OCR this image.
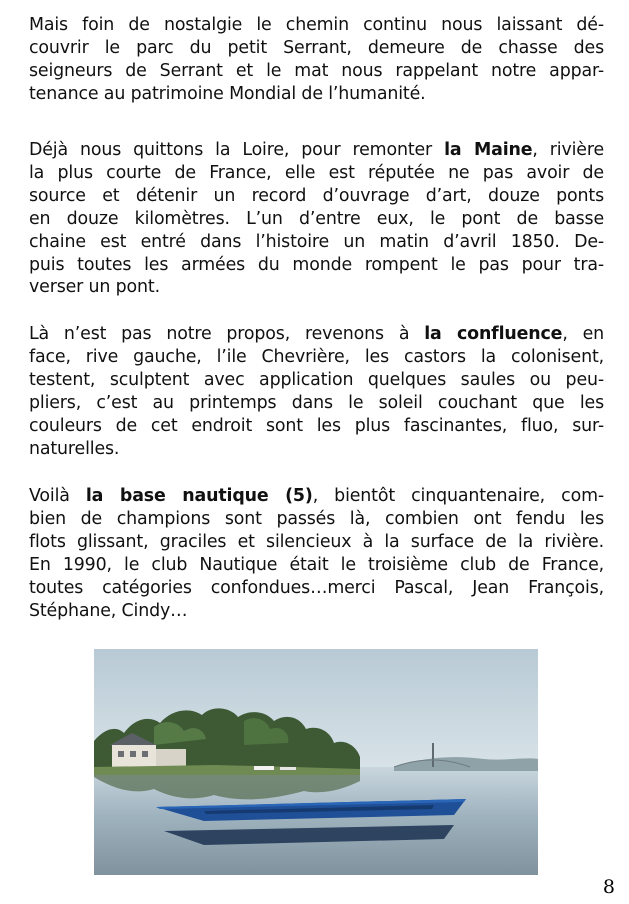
Mais foin de nostalgie le chemin continu nous laissant dé-
couvrir le parc du petit Serrant, demeure de chasse des
seigneurs de Serrant et le mat nous rappelant notre appar-
tenance au patrimoine Mondial de l’humanité.

Déjà nous quittons la Loire, pour remonter la Maine, rivière
la plus courte de France, elle est réputée ne pas avoir de
source et détenir un record d’ouvrage d’art, douze ponts
en douze kilomètres. L’un d’entre eux, le pont de basse
chaine est entré dans l’histoire un matin d’avril 1850. De-
puis toutes les armées du monde rompent le pas pour tra-
verser un pont.

Là n’est pas notre propos, revenons à la confluence, en
face, rive gauche, l’ile Chevrière, les castors la colonisent,
testent, sculptent avec application quelques saules ou peu-
pliers, c’est au printemps dans le soleil couchant que les
couleurs de cet endroit sont les plus fascinantes, fluo, sur-
naturelles.

Voilà la base nautique (5), bientôt cinquantenaire, com-
bien de champions sont passés là, combien ont fendu les
flots glissant, graciles et silencieux à la surface de la rivière.
En 1990, le club Nautique était le troisième club de France,
toutes catégories confondues…merci Pascal, Jean François,
Stéphane, Cindy…

8
